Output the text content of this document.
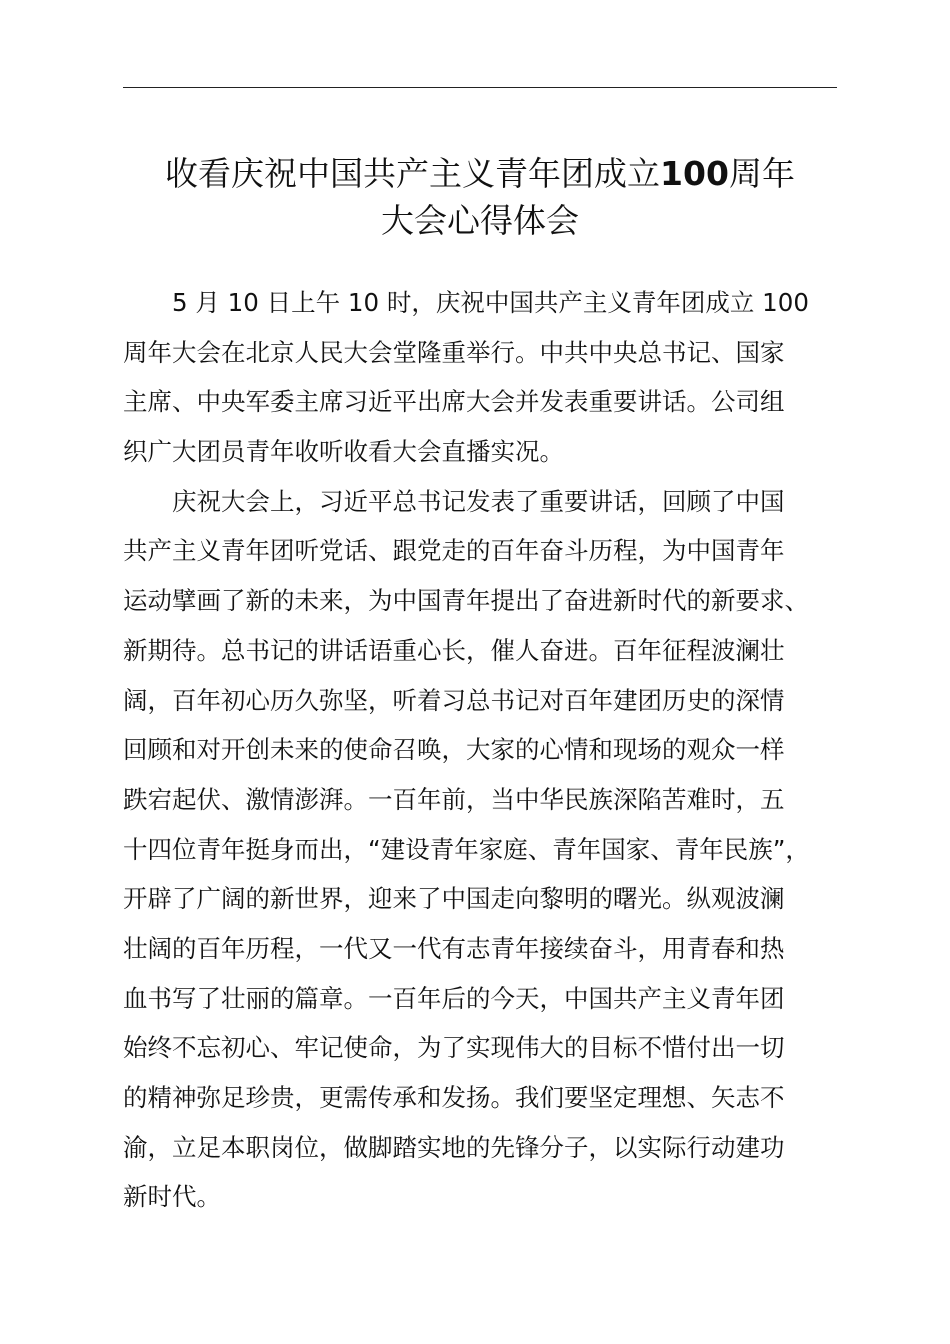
收看庆祝中国共产主义青年团成立100周年
大会心得体会
5 月 10 日上午 10 时，庆祝中国共产主义青年团成立 100
周年大会在北京人民大会堂隆重举行。中共中央总书记、国家
主席、中央军委主席习近平出席大会并发表重要讲话。公司组
织广大团员青年收听收看大会直播实况。
庆祝大会上，习近平总书记发表了重要讲话，回顾了中国
共产主义青年团听党话、跟党走的百年奋斗历程，为中国青年
运动擘画了新的未来，为中国青年提出了奋进新时代的新要求、
新期待。总书记的讲话语重心长，催人奋进。百年征程波澜壮
阔，百年初心历久弥坚，听着习总书记对百年建团历史的深情
回顾和对开创未来的使命召唤，大家的心情和现场的观众一样
跌宕起伏、激情澎湃。一百年前，当中华民族深陷苦难时，五
十四位青年挺身而出，“建设青年家庭、青年国家、青年民族”，
开辟了广阔的新世界，迎来了中国走向黎明的曙光。纵观波澜
壮阔的百年历程，一代又一代有志青年接续奋斗，用青春和热
血书写了壮丽的篇章。一百年后的今天，中国共产主义青年团
始终不忘初心、牢记使命，为了实现伟大的目标不惜付出一切
的精神弥足珍贵，更需传承和发扬。我们要坚定理想、矢志不
渝，立足本职岗位，做脚踏实地的先锋分子，以实际行动建功
新时代。
